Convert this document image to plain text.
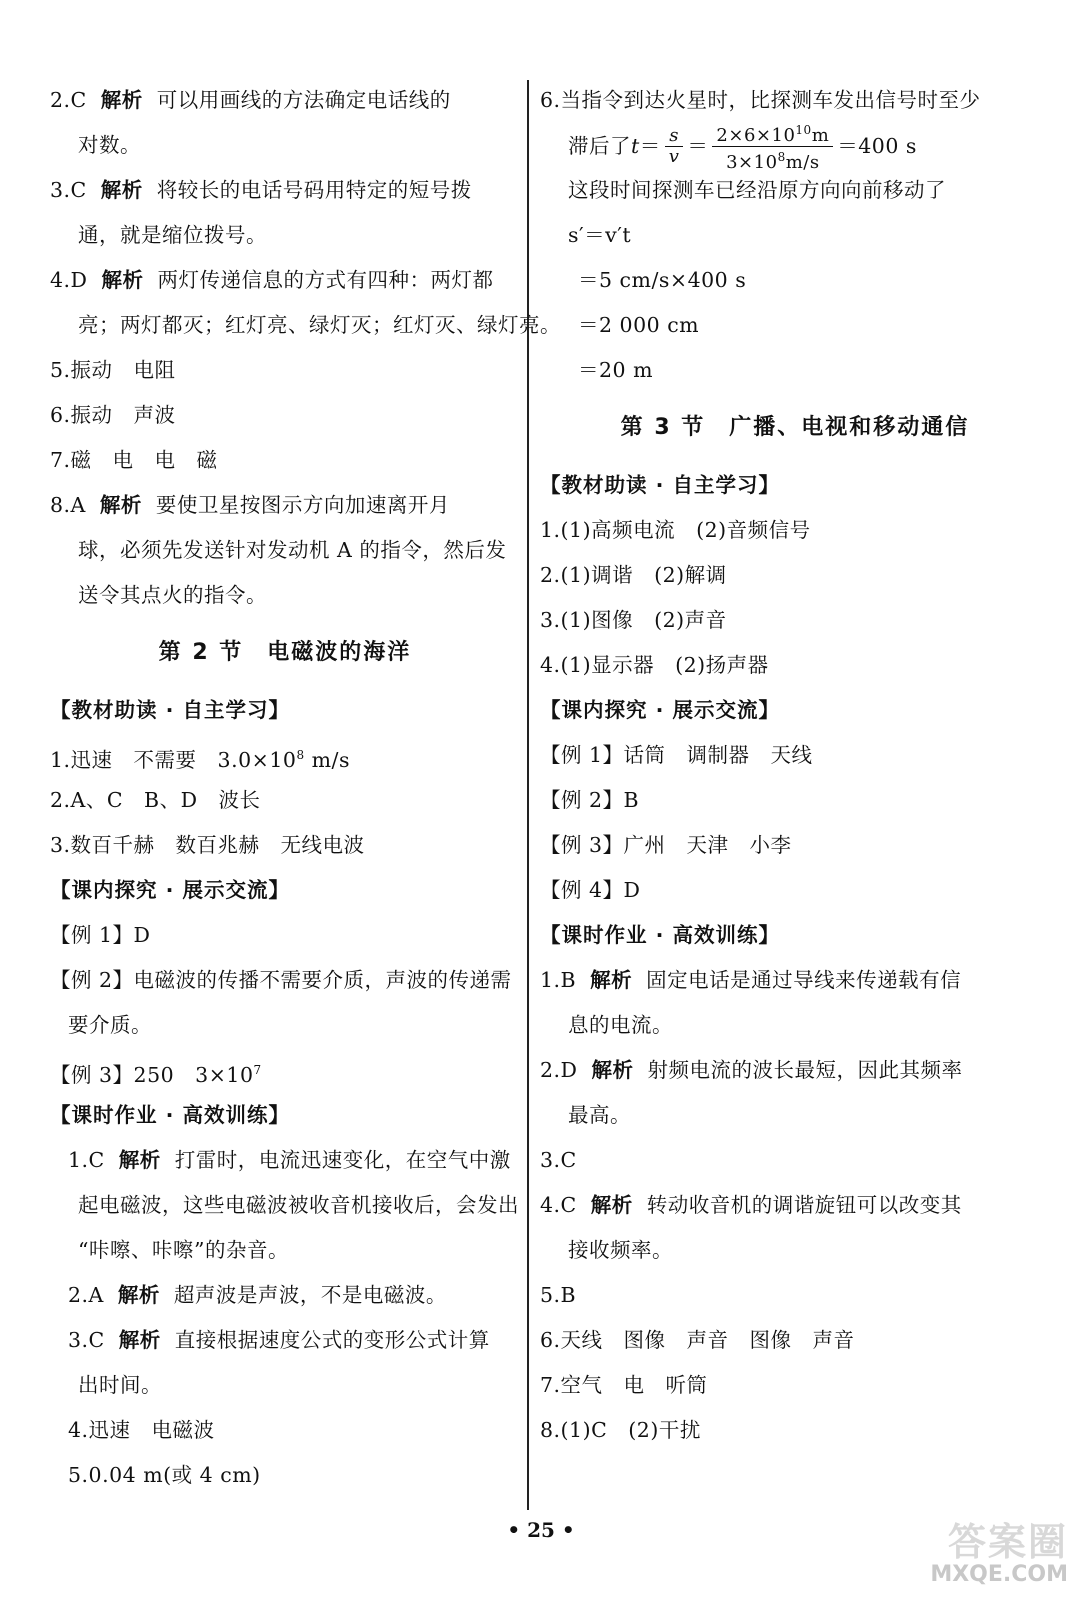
2.C 解析 可以用画线的方法确定电话线的
对数。
3.C 解析 将较长的电话号码用特定的短号拨
通，就是缩位拨号。
4.D 解析 两灯传递信息的方式有四种：两灯都
亮；两灯都灭；红灯亮、绿灯灭；红灯灭、绿灯亮。
5.振动　电阻
6.振动　声波
7.磁　电　电　磁
8.A 解析 要使卫星按图示方向加速离开月
球，必须先发送针对发动机 A 的指令，然后发
送令其点火的指令。
第 2 节　电磁波的海洋
【教材助读 · 自主学习】
1.迅速　不需要　$3.0\times 10^8$ m/s
2.A、C　B、D　波长
3.数百千赫　数百兆赫　无线电波
【课内探究 · 展示交流】
【例 1】D
【例 2】电磁波的传播不需要介质，声波的传递需
要介质。
【例 3】250　$3\times 10^7$
【课时作业 · 高效训练】
1.C 解析 打雷时，电流迅速变化，在空气中激
起电磁波，这些电磁波被收音机接收后，会发出
“咔嚓、咔嚓”的杂音。
2.A 解析 超声波是声波，不是电磁波。
3.C 解析 直接根据速度公式的变形公式计算
出时间。
4.迅速　电磁波
5.0.04 m(或 4 cm)
6.当指令到达火星时，比探测车发出信号时至少
滞后了 $t = \frac{s}{v} = \frac{2\times 6\times 10^{10}m}{3\times 10^8m/s} =400$ s
这段时间探测车已经沿原方向向前移动了
s′＝v′t
＝5 cm/s×400 s
＝2 000 cm
＝20 m
第 3 节　广播、电视和移动通信
【教材助读 · 自主学习】
1.(1)高频电流　(2)音频信号
2.(1)调谐　(2)解调
3.(1)图像　(2)声音
4.(1)显示器　(2)扬声器
【课内探究 · 展示交流】
【例 1】话筒　调制器　天线
【例 2】B
【例 3】广州　天津　小李
【例 4】D
【课时作业 · 高效训练】
1.B 解析 固定电话是通过导线来传递载有信
息的电流。
2.D 解析 射频电流的波长最短，因此其频率
最高。
3.C
4.C 解析 转动收音机的调谐旋钮可以改变其
接收频率。
5.B
6.天线　图像　声音　图像　声音
7.空气　电　听筒
8.(1)C　(2)干扰
• 25 •	答案圈
MXQE.COM
